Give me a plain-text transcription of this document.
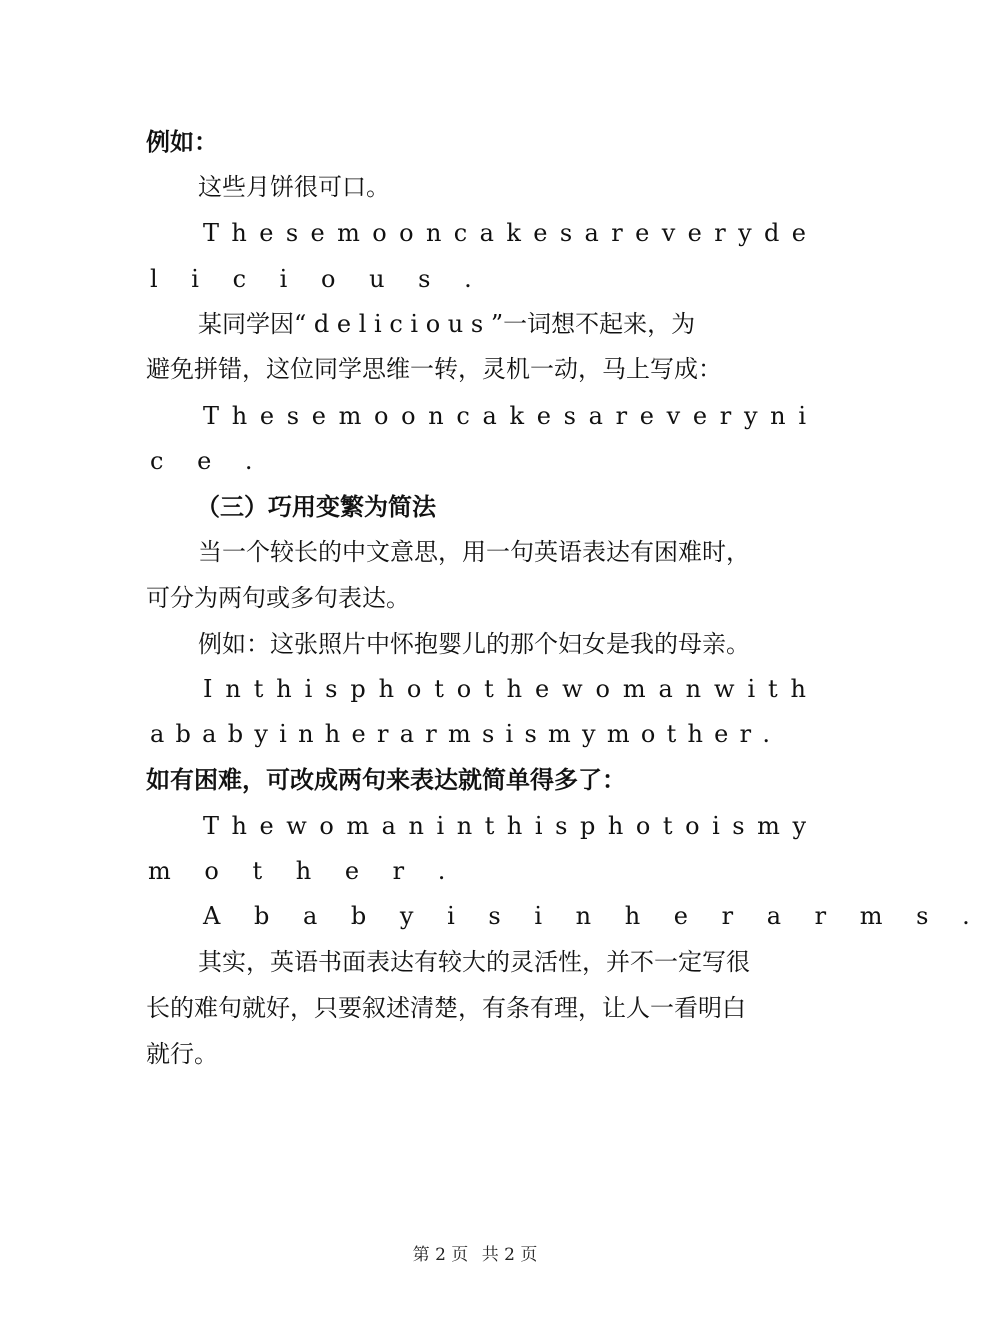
例如：
这些月饼很可口。
T h e s e m o o n c a k e s a r e v e r y d e
l i c i o u s .
某同学因“ d e l i c i o u s ”一词想不起来，为
避免拼错，这位同学思维一转，灵机一动，马上写成：
T h e s e m o o n c a k e s a r e v e r y n i
c e .
（三）巧用变繁为简法
当一个较长的中文意思，用一句英语表达有困难时，
可分为两句或多句表达。
例如：这张照片中怀抱婴儿的那个妇女是我的母亲。
I n t h i s p h o t o t h e w o m a n w i t h
a b a b y i n h e r a r m s i s m y m o t h e r .
如有困难，可改成两句来表达就简单得多了：
T h e w o m a n i n t h i s p h o t o i s m y
m o t h e r .
A b a b y i s i n h e r a r m s .
其实，英语书面表达有较大的灵活性，并不一定写很
长的难句就好，只要叙述清楚，有条有理，让人一看明白
就行。
第 2 页 共 2 页
